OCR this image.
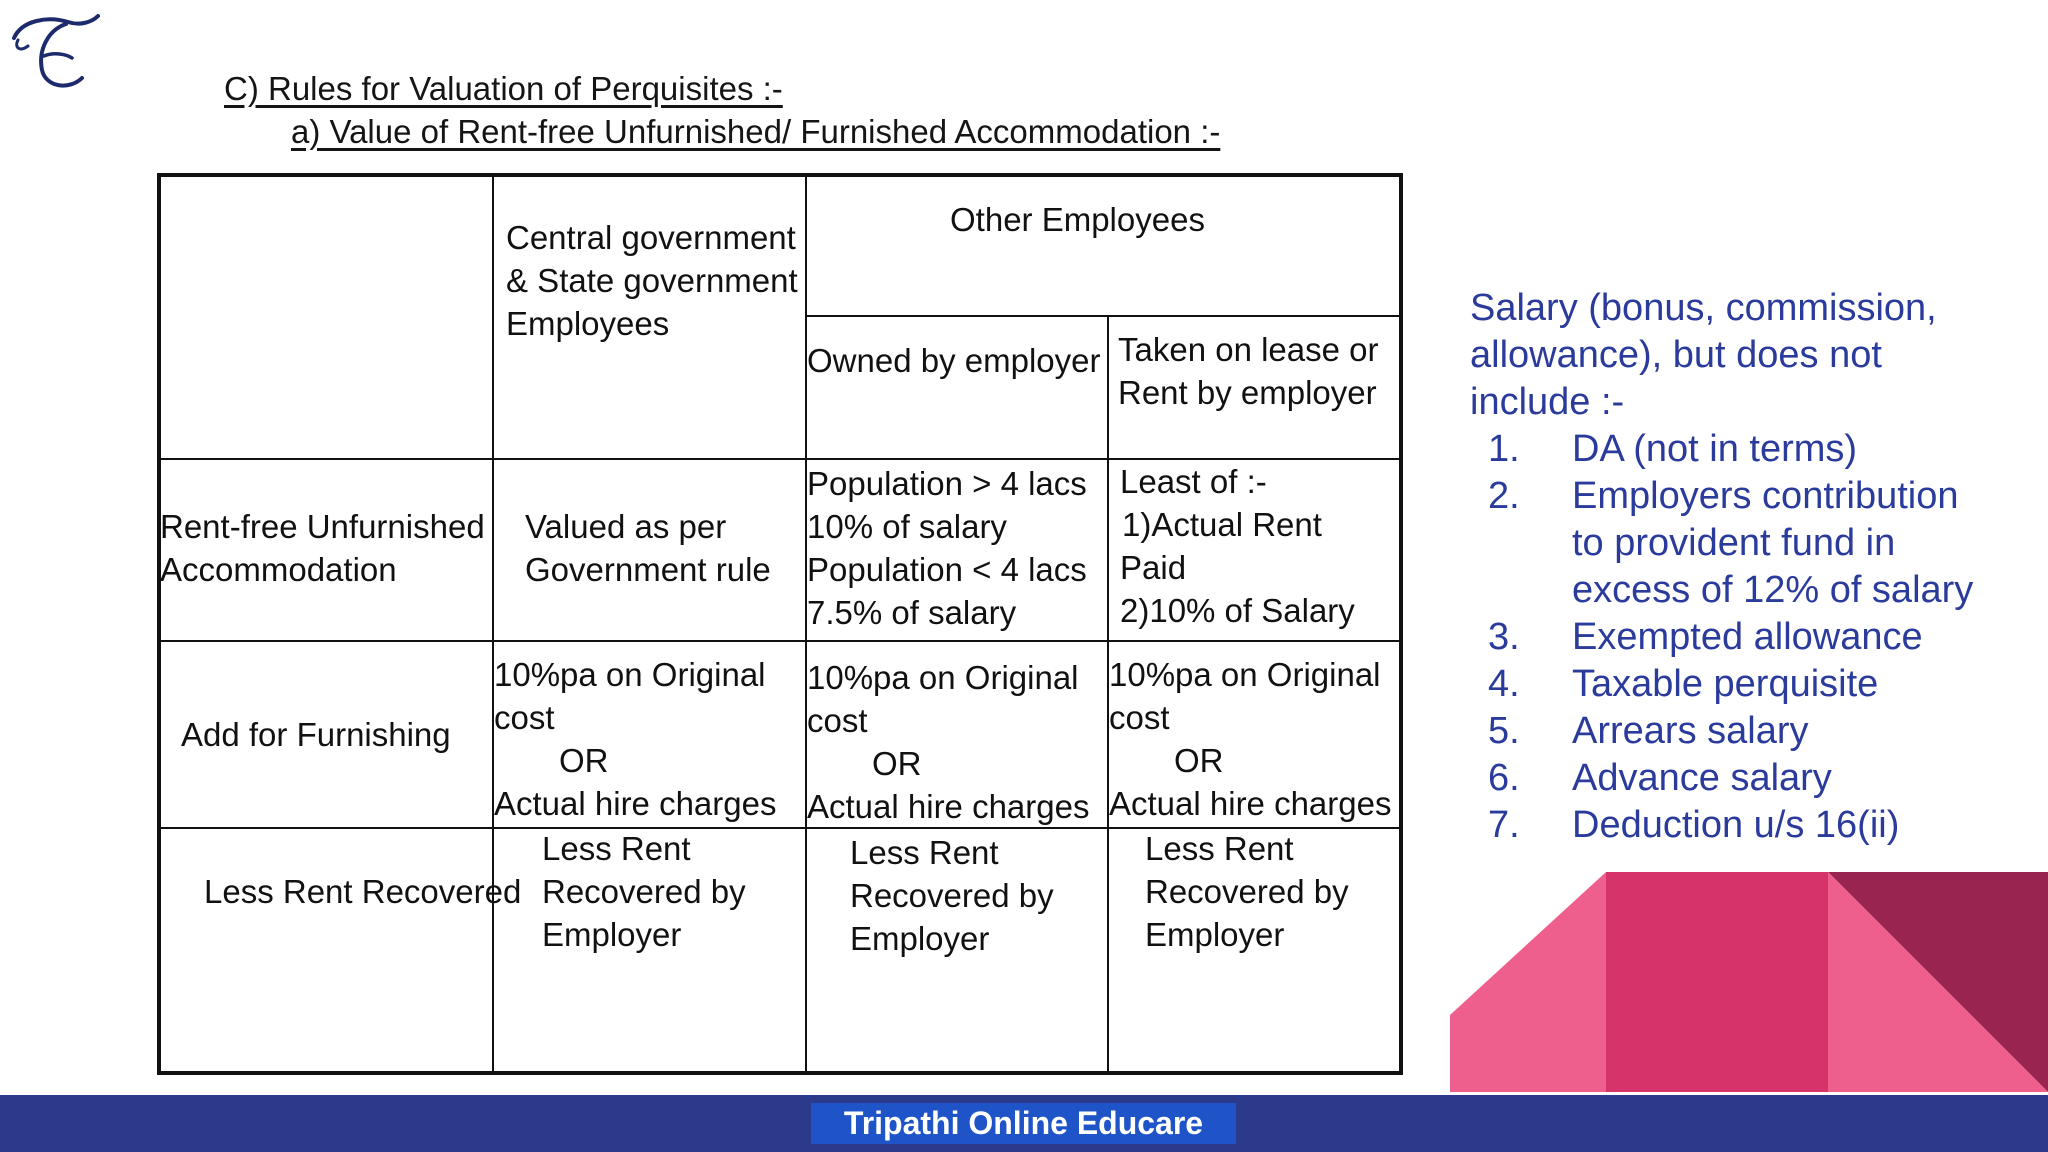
C) Rules for Valuation of Perquisites :-
a) Value of Rent-free Unfurnished/ Furnished Accommodation :-
Central government
& State government
Employees
Other Employees
Owned by employer Taken on lease or
Rent by employer
Rent-free Unfurnished
Accommodation
Valued as per
Government rule
Population > 4 lacs
10% of salary
Population < 4 lacs
7.5% of salary
Least of :-
1)Actual Rent
Paid
2)10% of Salary
Add for Furnishing
10%pa on Original
cost
OR
Actual hire charges
10%pa on Original
cost
OR
Actual hire charges
10%pa on Original
cost
OR
Actual hire charges
Less Rent Recovered
Less Rent
Recovered by
Employer
Less Rent
Recovered by
Employer
Less Rent
Recovered by
Employer
Salary (bonus, commission,
allowance), but does not
include :-
1. DA (not in terms)
2. Employers contribution
to provident fund in
excess of 12% of salary
3. Exempted allowance
4. Taxable perquisite
5. Arrears salary
6. Advance salary
7. Deduction u/s 16(ii)
Tripathi Online Educare
